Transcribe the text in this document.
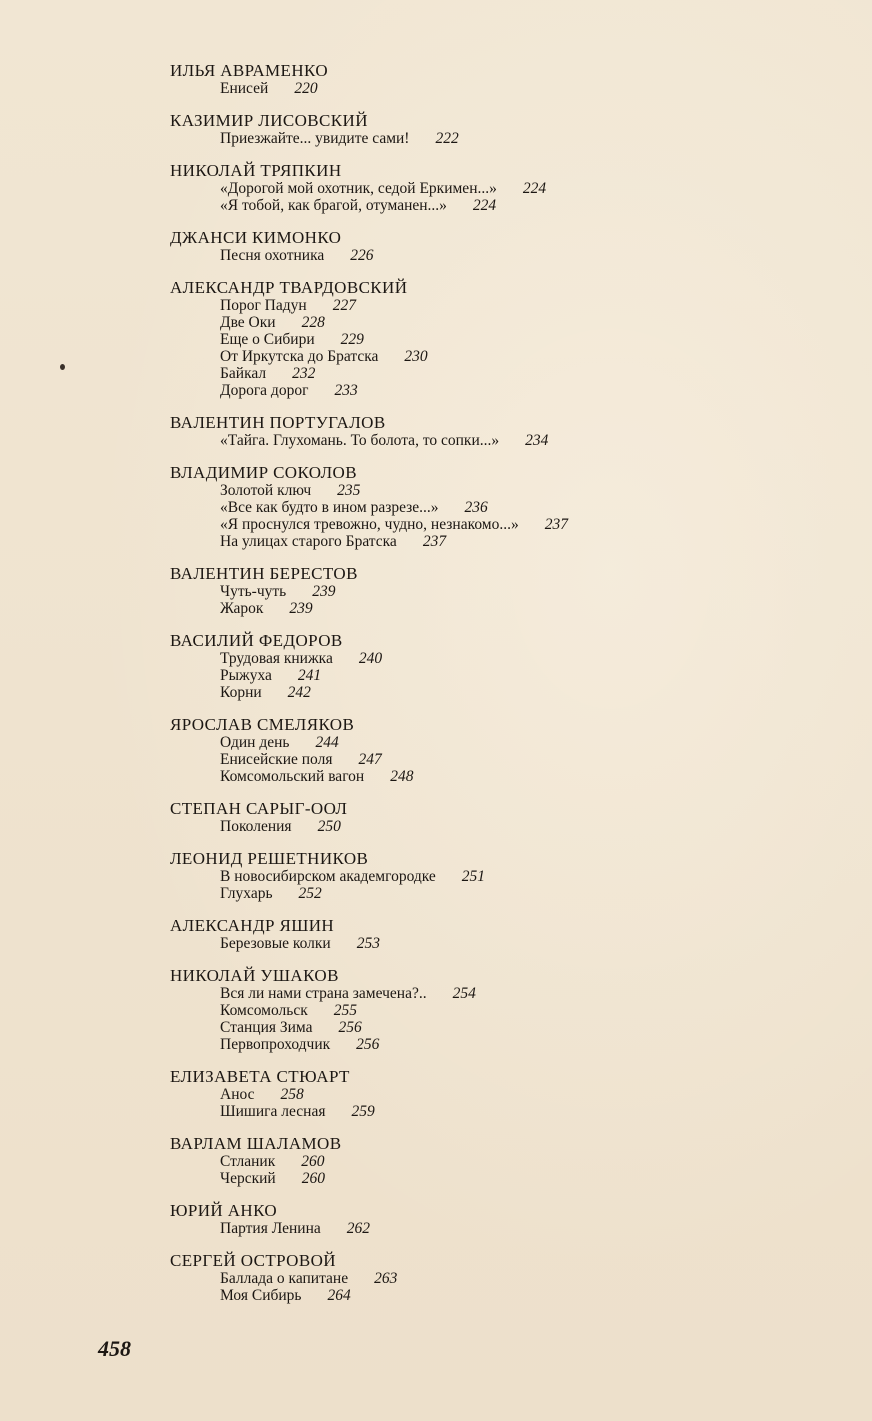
ИЛЬЯ АВРАМЕНКО
Енисей 220
КАЗИМИР ЛИСОВСКИЙ
Приезжайте... увидите сами! 222
НИКОЛАЙ ТРЯПКИН
«Дорогой мой охотник, седой Еркимен...» 224
«Я тобой, как брагой, отуманен...» 224
ДЖАНСИ КИМОНКО
Песня охотника 226
АЛЕКСАНДР ТВАРДОВСКИЙ
Порог Падун 227
Две Оки 228
Еще о Сибири 229
От Иркутска до Братска 230
Байкал 232
Дорога дорог 233
ВАЛЕНТИН ПОРТУГАЛОВ
«Тайга. Глухомань. То болота, то сопки...» 234
ВЛАДИМИР СОКОЛОВ
Золотой ключ 235
«Все как будто в ином разрезе...» 236
«Я проснулся тревожно, чудно, незнакомо...» 237
На улицах старого Братска 237
ВАЛЕНТИН БЕРЕСТОВ
Чуть-чуть 239
Жарок 239
ВАСИЛИЙ ФЕДОРОВ
Трудовая книжка 240
Рыжуха 241
Корни 242
ЯРОСЛАВ СМЕЛЯКОВ
Один день 244
Енисейские поля 247
Комсомольский вагон 248
СТЕПАН САРЫГ-ООЛ
Поколения 250
ЛЕОНИД РЕШЕТНИКОВ
В новосибирском академгородке 251
Глухарь 252
АЛЕКСАНДР ЯШИН
Березовые колки 253
НИКОЛАЙ УШАКОВ
Вся ли нами страна замечена?.. 254
Комсомольск 255
Станция Зима 256
Первопроходчик 256
ЕЛИЗАВЕТА СТЮАРТ
Анос 258
Шишига лесная 259
ВАРЛАМ ШАЛАМОВ
Стланик 260
Черский 260
ЮРИЙ АНКО
Партия Ленина 262
СЕРГЕЙ ОСТРОВОЙ
Баллада о капитане 263
Моя Сибирь 264
458
